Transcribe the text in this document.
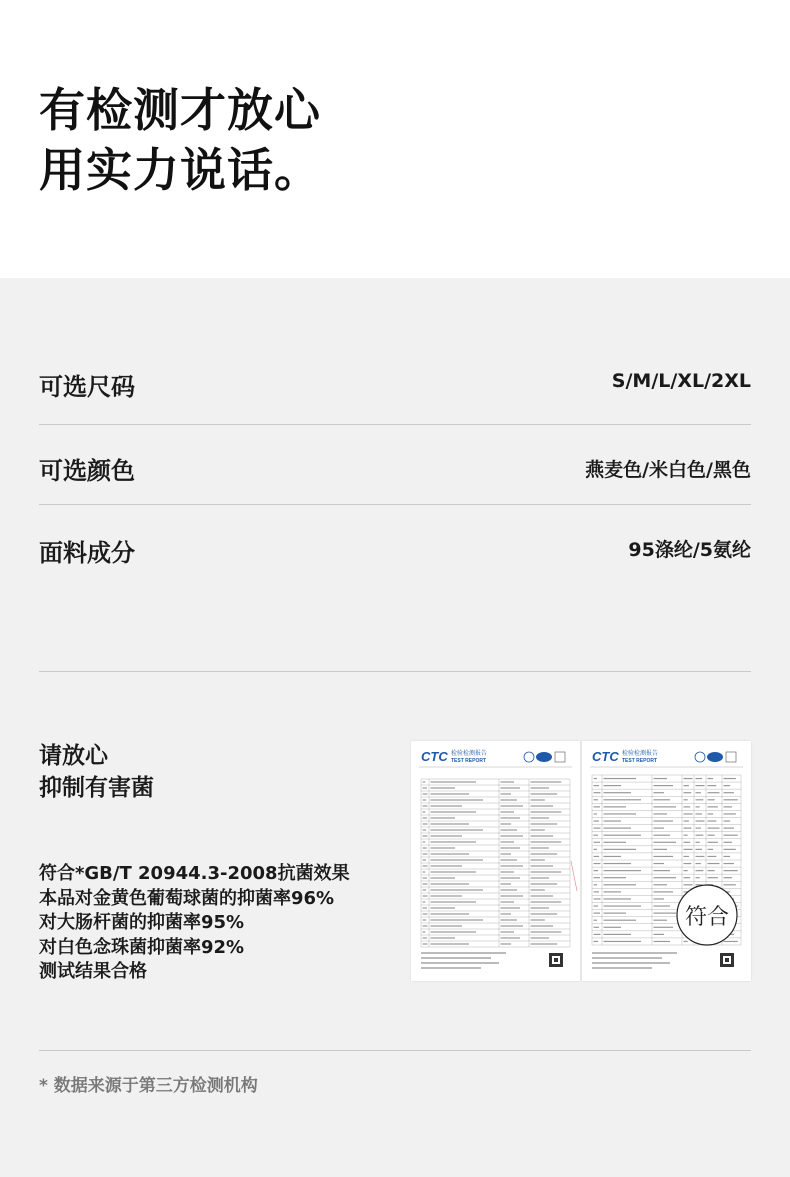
有检测才放心
用实力说话。
可选尺码	S/M/L/XL/2XL
可选颜色	燕麦色/米白色/黑色
面料成分	95涤纶/5氨纶
请放心
抑制有害菌
符合*GB/T 20944.3-2008抗菌效果
本品对金黄色葡萄球菌的抑菌率96%
对大肠杆菌的抑菌率95%
对白色念珠菌抑菌率92%
测试结果合格
CTC 检验检测报告
TEST REPORT	CTC 检验检测报告
TEST REPORT
符合
* 数据来源于第三方检测机构
